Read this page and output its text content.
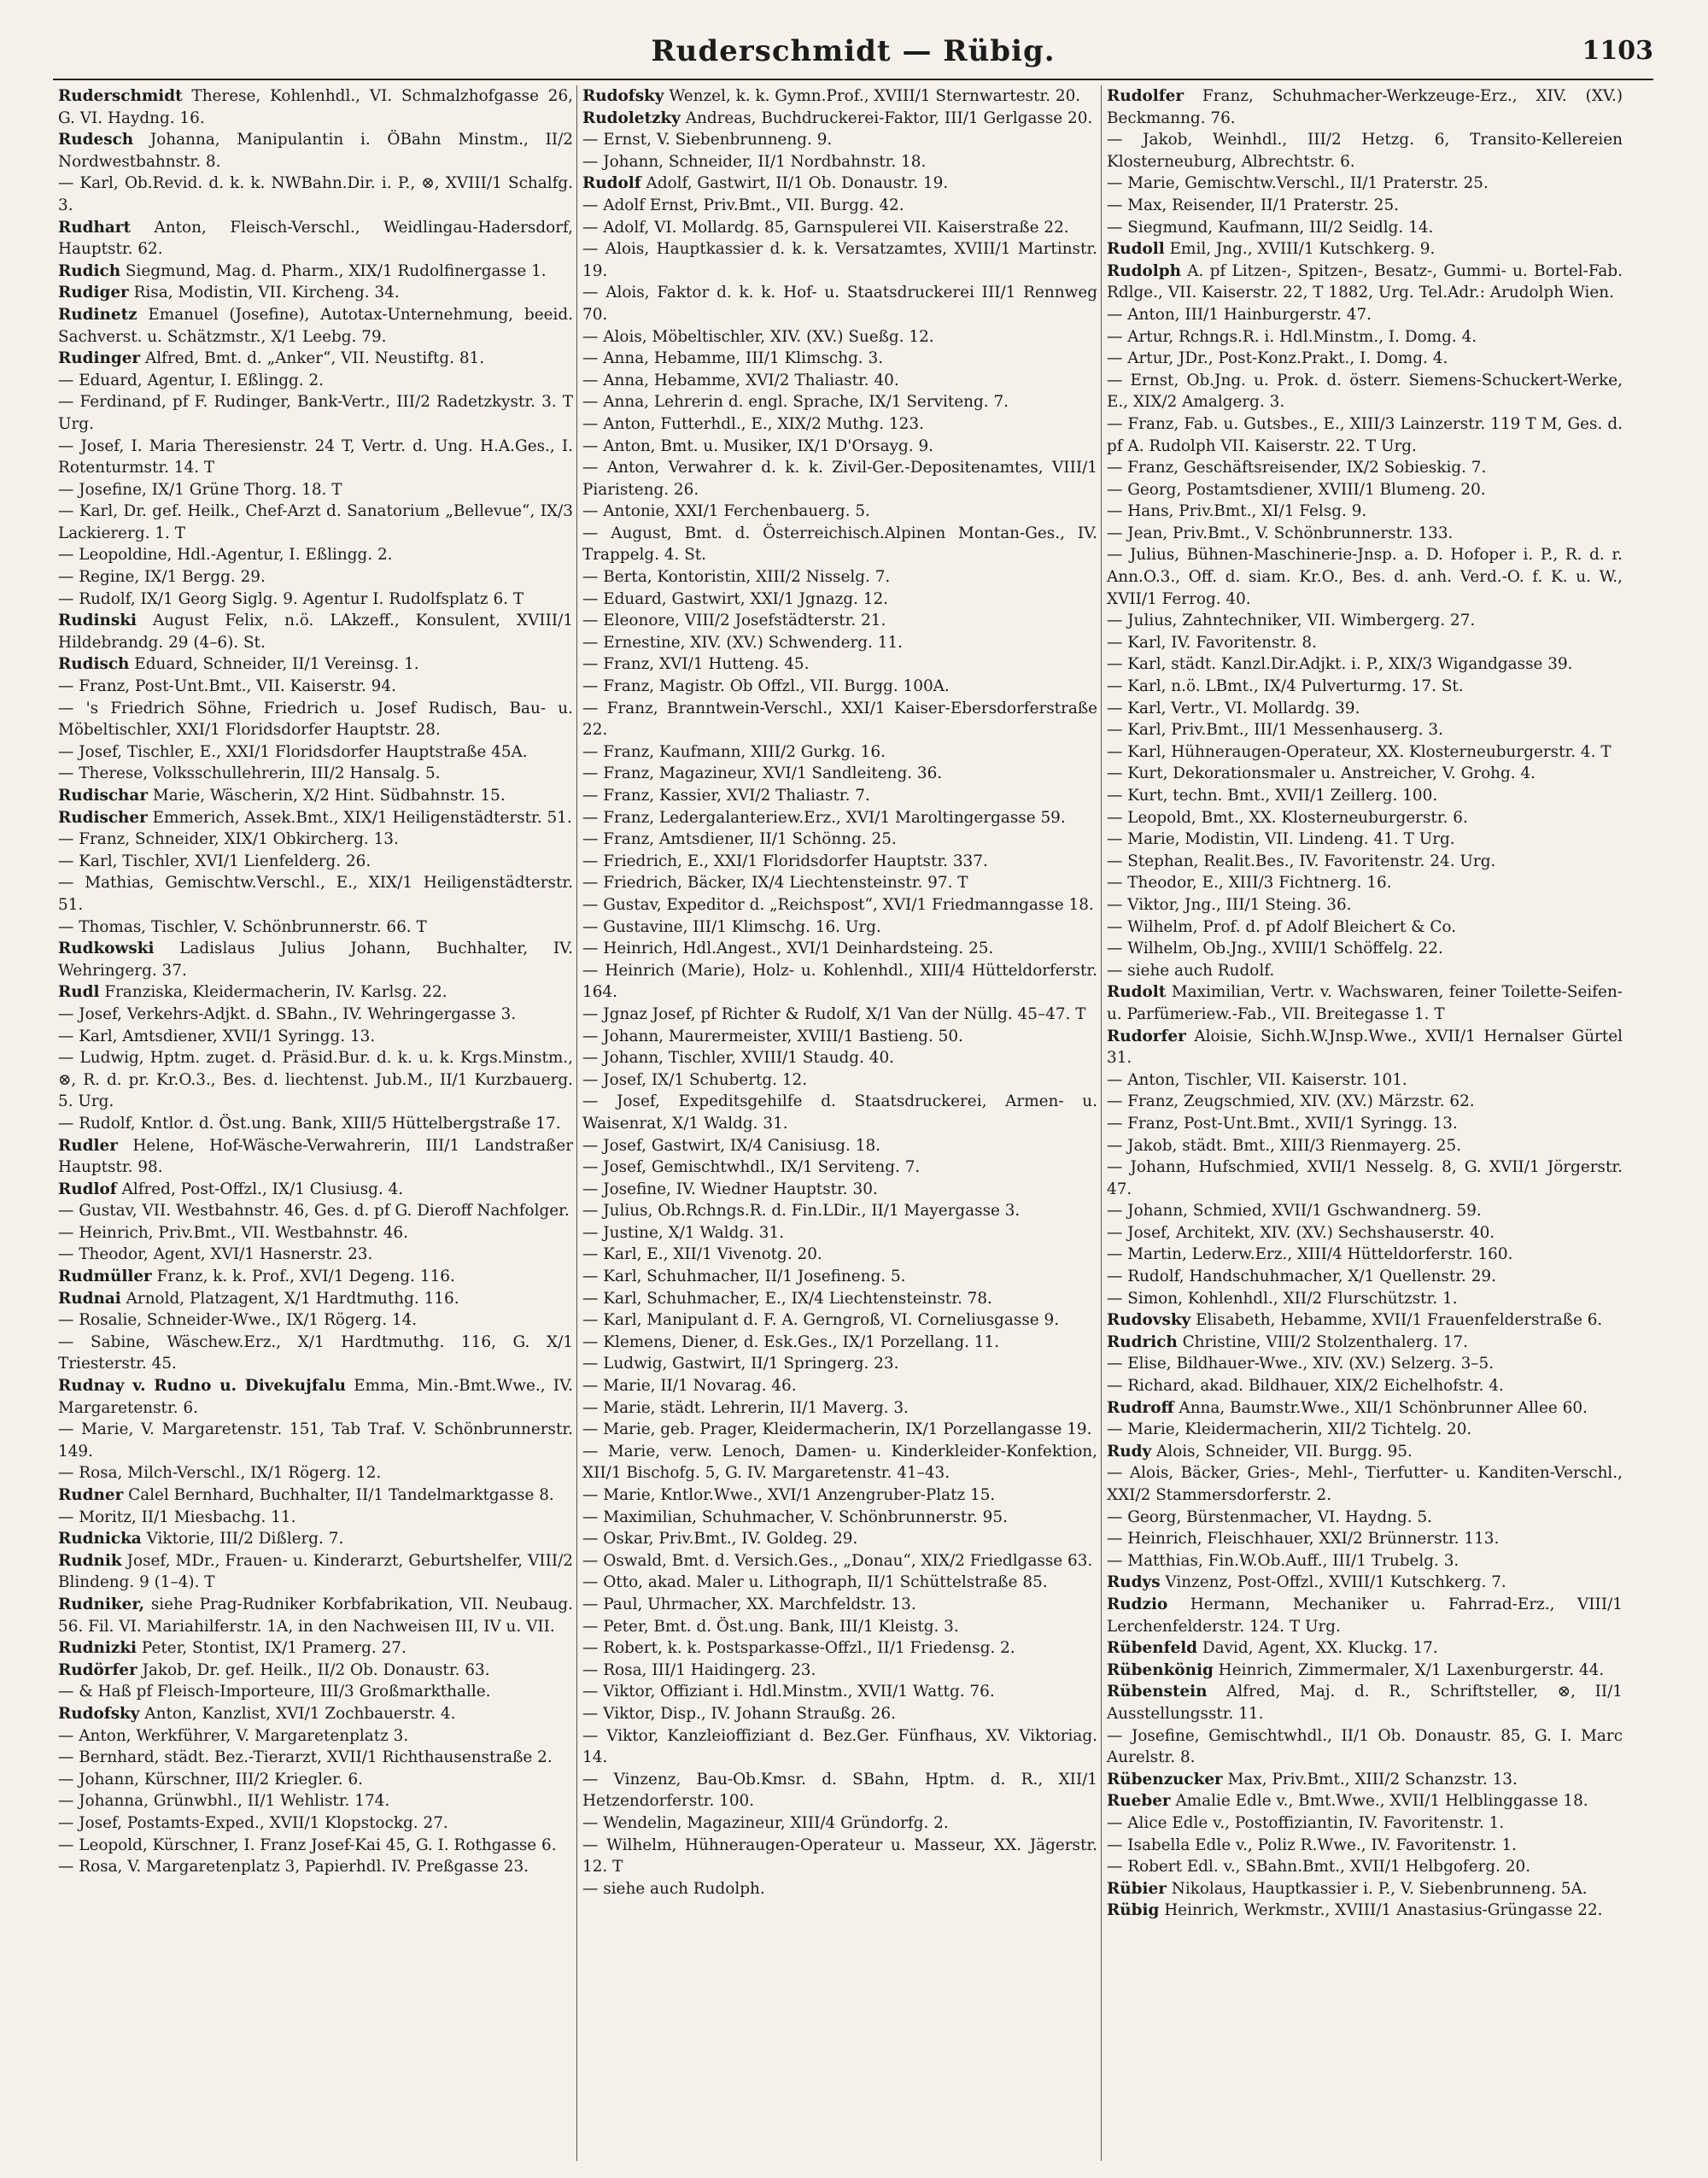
Ruderschmidt — Rübig.	1103

Ruderschmidt Therese, Kohlenhdl., VI. Schmalzhofgasse 26, G. VI. Haydng. 16.

Rudesch Johanna, Manipulantin i. ÖBahn Minstm., II/2 Nordwestbahnstr. 8.

— Karl, Ob.Revid. d. k. k. NWBahn.Dir. i. P., ⊗, XVIII/1 Schalfg. 3.

Rudhart Anton, Fleisch-Verschl., Weidlingau-Hadersdorf, Hauptstr. 62.

Rudich Siegmund, Mag. d. Pharm., XIX/1 Rudolfinergasse 1.

Rudiger Risa, Modistin, VII. Kircheng. 34.

Rudinetz Emanuel (Josefine), Autotax-Unternehmung, beeid. Sachverst. u. Schätzmstr., X/1 Leebg. 79.

Rudinger Alfred, Bmt. d. „Anker“, VII. Neustiftg. 81.

— Eduard, Agentur, I. Eßlingg. 2.

— Ferdinand, pf F. Rudinger, Bank-Vertr., III/2 Radetzkystr. 3. T Urg.

— Josef, I. Maria Theresienstr. 24 T, Vertr. d. Ung. H.A.Ges., I. Rotenturmstr. 14. T

— Josefine, IX/1 Grüne Thorg. 18. T

— Karl, Dr. gef. Heilk., Chef-Arzt d. Sanatorium „Bellevue“, IX/3 Lackiererg. 1. T

— Leopoldine, Hdl.-Agentur, I. Eßlingg. 2.

— Regine, IX/1 Bergg. 29.

— Rudolf, IX/1 Georg Siglg. 9. Agentur I. Rudolfsplatz 6. T

Rudinski August Felix, n.ö. LAkzeff., Konsulent, XVIII/1 Hildebrandg. 29 (4–6). St.

Rudisch Eduard, Schneider, II/1 Vereinsg. 1.

— Franz, Post-Unt.Bmt., VII. Kaiserstr. 94.

— 's Friedrich Söhne, Friedrich u. Josef Rudisch, Bau- u. Möbeltischler, XXI/1 Floridsdorfer Hauptstr. 28.

— Josef, Tischler, E., XXI/1 Floridsdorfer Hauptstraße 45A.

— Therese, Volksschullehrerin, III/2 Hansalg. 5.

Rudischar Marie, Wäscherin, X/2 Hint. Südbahnstr. 15.

Rudischer Emmerich, Assek.Bmt., XIX/1 Heiligenstädterstr. 51.

— Franz, Schneider, XIX/1 Obkircherg. 13.

— Karl, Tischler, XVI/1 Lienfelderg. 26.

— Mathias, Gemischtw.Verschl., E., XIX/1 Heiligenstädterstr. 51.

— Thomas, Tischler, V. Schönbrunnerstr. 66. T

Rudkowski Ladislaus Julius Johann, Buchhalter, IV. Wehringerg. 37.

Rudl Franziska, Kleidermacherin, IV. Karlsg. 22.

— Josef, Verkehrs-Adjkt. d. SBahn., IV. Wehringergasse 3.

— Karl, Amtsdiener, XVII/1 Syringg. 13.

— Ludwig, Hptm. zuget. d. Präsid.Bur. d. k. u. k. Krgs.Minstm., ⊗, R. d. pr. Kr.O.3., Bes. d. liechtenst. Jub.M., II/1 Kurzbauerg. 5. Urg.

— Rudolf, Kntlor. d. Öst.ung. Bank, XIII/5 Hüttelbergstraße 17.

Rudler Helene, Hof-Wäsche-Verwahrerin, III/1 Landstraßer Hauptstr. 98.

Rudlof Alfred, Post-Offzl., IX/1 Clusiusg. 4.

— Gustav, VII. Westbahnstr. 46, Ges. d. pf G. Dieroff Nachfolger.

— Heinrich, Priv.Bmt., VII. Westbahnstr. 46.

— Theodor, Agent, XVI/1 Hasnerstr. 23.

Rudmüller Franz, k. k. Prof., XVI/1 Degeng. 116.

Rudnai Arnold, Platzagent, X/1 Hardtmuthg. 116.

— Rosalie, Schneider-Wwe., IX/1 Rögerg. 14.

— Sabine, Wäschew.Erz., X/1 Hardtmuthg. 116, G. X/1 Triesterstr. 45.

Rudnay v. Rudno u. Divekujfalu Emma, Min.-Bmt.Wwe., IV. Margaretenstr. 6.

— Marie, V. Margaretenstr. 151, Tab Traf. V. Schönbrunnerstr. 149.

— Rosa, Milch-Verschl., IX/1 Rögerg. 12.

Rudner Calel Bernhard, Buchhalter, II/1 Tandelmarktgasse 8.

— Moritz, II/1 Miesbachg. 11.

Rudnicka Viktorie, III/2 Dißlerg. 7.

Rudnik Josef, MDr., Frauen- u. Kinderarzt, Geburtshelfer, VIII/2 Blindeng. 9 (1–4). T

Rudniker, siehe Prag-Rudniker Korbfabrikation, VII. Neubaug. 56. Fil. VI. Mariahilferstr. 1A, in den Nachweisen III, IV u. VII.

Rudnizki Peter, Stontist, IX/1 Pramerg. 27.

Rudörfer Jakob, Dr. gef. Heilk., II/2 Ob. Donaustr. 63.

— & Haß pf Fleisch-Importeure, III/3 Großmarkthalle.

Rudofsky Anton, Kanzlist, XVI/1 Zochbauerstr. 4.

— Anton, Werkführer, V. Margaretenplatz 3.

— Bernhard, städt. Bez.-Tierarzt, XVII/1 Richthausenstraße 2.

— Johann, Kürschner, III/2 Kriegler. 6.

— Johanna, Grünwbhl., II/1 Wehlistr. 174.

— Josef, Postamts-Exped., XVII/1 Klopstockg. 27.

— Leopold, Kürschner, I. Franz Josef-Kai 45, G. I. Rothgasse 6.

— Rosa, V. Margaretenplatz 3, Papierhdl. IV. Preßgasse 23.

Rudofsky Wenzel, k. k. Gymn.Prof., XVIII/1 Sternwartestr. 20.

Rudoletzky Andreas, Buchdruckerei-Faktor, III/1 Gerlgasse 20.

— Ernst, V. Siebenbrunneng. 9.

— Johann, Schneider, II/1 Nordbahnstr. 18.

Rudolf Adolf, Gastwirt, II/1 Ob. Donaustr. 19.

— Adolf Ernst, Priv.Bmt., VII. Burgg. 42.

— Adolf, VI. Mollardg. 85, Garnspulerei VII. Kaiserstraße 22.

— Alois, Hauptkassier d. k. k. Versatzamtes, XVIII/1 Martinstr. 19.

— Alois, Faktor d. k. k. Hof- u. Staatsdruckerei III/1 Rennweg 70.

— Alois, Möbeltischler, XIV. (XV.) Sueßg. 12.

— Anna, Hebamme, III/1 Klimschg. 3.

— Anna, Hebamme, XVI/2 Thaliastr. 40.

— Anna, Lehrerin d. engl. Sprache, IX/1 Serviteng. 7.

— Anton, Futterhdl., E., XIX/2 Muthg. 123.

— Anton, Bmt. u. Musiker, IX/1 D'Orsayg. 9.

— Anton, Verwahrer d. k. k. Zivil-Ger.-Depositenamtes, VIII/1 Piaristeng. 26.

— Antonie, XXI/1 Ferchenbauerg. 5.

— August, Bmt. d. Österreichisch.Alpinen Montan-Ges., IV. Trappelg. 4. St.

— Berta, Kontoristin, XIII/2 Nisselg. 7.

— Eduard, Gastwirt, XXI/1 Jgnazg. 12.

— Eleonore, VIII/2 Josefstädterstr. 21.

— Ernestine, XIV. (XV.) Schwenderg. 11.

— Franz, XVI/1 Hutteng. 45.

— Franz, Magistr. Ob Offzl., VII. Burgg. 100A.

— Franz, Branntwein-Verschl., XXI/1 Kaiser-Ebersdorferstraße 22.

— Franz, Kaufmann, XIII/2 Gurkg. 16.

— Franz, Magazineur, XVI/1 Sandleiteng. 36.

— Franz, Kassier, XVI/2 Thaliastr. 7.

— Franz, Ledergalanteriew.Erz., XVI/1 Maroltingergasse 59.

— Franz, Amtsdiener, II/1 Schönng. 25.

— Friedrich, E., XXI/1 Floridsdorfer Hauptstr. 337.

— Friedrich, Bäcker, IX/4 Liechtensteinstr. 97. T

— Gustav, Expeditor d. „Reichspost“, XVI/1 Friedmanngasse 18.

— Gustavine, III/1 Klimschg. 16. Urg.

— Heinrich, Hdl.Angest., XVI/1 Deinhardsteing. 25.

— Heinrich (Marie), Holz- u. Kohlenhdl., XIII/4 Hütteldorferstr. 164.

— Jgnaz Josef, pf Richter & Rudolf, X/1 Van der Nüllg. 45–47. T

— Johann, Maurermeister, XVIII/1 Bastieng. 50.

— Johann, Tischler, XVIII/1 Staudg. 40.

— Josef, IX/1 Schubertg. 12.

— Josef, Expeditsgehilfe d. Staatsdruckerei, Armen- u. Waisenrat, X/1 Waldg. 31.

— Josef, Gastwirt, IX/4 Canisiusg. 18.

— Josef, Gemischtwhdl., IX/1 Serviteng. 7.

— Josefine, IV. Wiedner Hauptstr. 30.

— Julius, Ob.Rchngs.R. d. Fin.LDir., II/1 Mayergasse 3.

— Justine, X/1 Waldg. 31.

— Karl, E., XII/1 Vivenotg. 20.

— Karl, Schuhmacher, II/1 Josefineng. 5.

— Karl, Schuhmacher, E., IX/4 Liechtensteinstr. 78.

— Karl, Manipulant d. F. A. Gerngroß, VI. Corneliusgasse 9.

— Klemens, Diener, d. Esk.Ges., IX/1 Porzellang. 11.

— Ludwig, Gastwirt, II/1 Springerg. 23.

— Marie, II/1 Novarag. 46.

— Marie, städt. Lehrerin, II/1 Maverg. 3.

— Marie, geb. Prager, Kleidermacherin, IX/1 Porzellangasse 19.

— Marie, verw. Lenoch, Damen- u. Kinderkleider-Konfektion, XII/1 Bischofg. 5, G. IV. Margaretenstr. 41–43.

— Marie, Kntlor.Wwe., XVI/1 Anzengruber-Platz 15.

— Maximilian, Schuhmacher, V. Schönbrunnerstr. 95.

— Oskar, Priv.Bmt., IV. Goldeg. 29.

— Oswald, Bmt. d. Versich.Ges., „Donau“, XIX/2 Friedlgasse 63.

— Otto, akad. Maler u. Lithograph, II/1 Schüttelstraße 85.

— Paul, Uhrmacher, XX. Marchfeldstr. 13.

— Peter, Bmt. d. Öst.ung. Bank, III/1 Kleistg. 3.

— Robert, k. k. Postsparkasse-Offzl., II/1 Friedensg. 2.

— Rosa, III/1 Haidingerg. 23.

— Viktor, Offiziant i. Hdl.Minstm., XVII/1 Wattg. 76.

— Viktor, Disp., IV. Johann Straußg. 26.

— Viktor, Kanzleioffiziant d. Bez.Ger. Fünfhaus, XV. Viktoriag. 14.

— Vinzenz, Bau-Ob.Kmsr. d. SBahn, Hptm. d. R., XII/1 Hetzendorferstr. 100.

— Wendelin, Magazineur, XIII/4 Gründorfg. 2.

— Wilhelm, Hühneraugen-Operateur u. Masseur, XX. Jägerstr. 12. T

— siehe auch Rudolph.

Rudolfer Franz, Schuhmacher-Werkzeuge-Erz., XIV. (XV.) Beckmanng. 76.

— Jakob, Weinhdl., III/2 Hetzg. 6, Transito-Kellereien Klosterneuburg, Albrechtstr. 6.

— Marie, Gemischtw.Verschl., II/1 Praterstr. 25.

— Max, Reisender, II/1 Praterstr. 25.

— Siegmund, Kaufmann, III/2 Seidlg. 14.

Rudoll Emil, Jng., XVIII/1 Kutschkerg. 9.

Rudolph A. pf Litzen-, Spitzen-, Besatz-, Gummi- u. Bortel-Fab. Rdlge., VII. Kaiserstr. 22, T 1882, Urg. Tel.Adr.: Arudolph Wien.

— Anton, III/1 Hainburgerstr. 47.

— Artur, Rchngs.R. i. Hdl.Minstm., I. Domg. 4.

— Artur, JDr., Post-Konz.Prakt., I. Domg. 4.

— Ernst, Ob.Jng. u. Prok. d. österr. Siemens-Schuckert-Werke, E., XIX/2 Amalgerg. 3.

— Franz, Fab. u. Gutsbes., E., XIII/3 Lainzerstr. 119 T M, Ges. d. pf A. Rudolph VII. Kaiserstr. 22. T Urg.

— Franz, Geschäftsreisender, IX/2 Sobieskig. 7.

— Georg, Postamtsdiener, XVIII/1 Blumeng. 20.

— Hans, Priv.Bmt., XI/1 Felsg. 9.

— Jean, Priv.Bmt., V. Schönbrunnerstr. 133.

— Julius, Bühnen-Maschinerie-Jnsp. a. D. Hofoper i. P., R. d. r. Ann.O.3., Off. d. siam. Kr.O., Bes. d. anh. Verd.-O. f. K. u. W., XVII/1 Ferrog. 40.

— Julius, Zahntechniker, VII. Wimbergerg. 27.

— Karl, IV. Favoritenstr. 8.

— Karl, städt. Kanzl.Dir.Adjkt. i. P., XIX/3 Wigandgasse 39.

— Karl, n.ö. LBmt., IX/4 Pulverturmg. 17. St.

— Karl, Vertr., VI. Mollardg. 39.

— Karl, Priv.Bmt., III/1 Messenhauserg. 3.

— Karl, Hühneraugen-Operateur, XX. Klosterneuburgerstr. 4. T

— Kurt, Dekorationsmaler u. Anstreicher, V. Grohg. 4.

— Kurt, techn. Bmt., XVII/1 Zeillerg. 100.

— Leopold, Bmt., XX. Klosterneuburgerstr. 6.

— Marie, Modistin, VII. Lindeng. 41. T Urg.

— Stephan, Realit.Bes., IV. Favoritenstr. 24. Urg.

— Theodor, E., XIII/3 Fichtnerg. 16.

— Viktor, Jng., III/1 Steing. 36.

— Wilhelm, Prof. d. pf Adolf Bleichert & Co.

— Wilhelm, Ob.Jng., XVIII/1 Schöffelg. 22.

— siehe auch Rudolf.

Rudolt Maximilian, Vertr. v. Wachswaren, feiner Toilette-Seifen- u. Parfümeriew.-Fab., VII. Breitegasse 1. T

Rudorfer Aloisie, Sichh.W.Jnsp.Wwe., XVII/1 Hernalser Gürtel 31.

— Anton, Tischler, VII. Kaiserstr. 101.

— Franz, Zeugschmied, XIV. (XV.) Märzstr. 62.

— Franz, Post-Unt.Bmt., XVII/1 Syringg. 13.

— Jakob, städt. Bmt., XIII/3 Rienmayerg. 25.

— Johann, Hufschmied, XVII/1 Nesselg. 8, G. XVII/1 Jörgerstr. 47.

— Johann, Schmied, XVII/1 Gschwandnerg. 59.

— Josef, Architekt, XIV. (XV.) Sechshauserstr. 40.

— Martin, Lederw.Erz., XIII/4 Hütteldorferstr. 160.

— Rudolf, Handschuhmacher, X/1 Quellenstr. 29.

— Simon, Kohlenhdl., XII/2 Flurschützstr. 1.

Rudovsky Elisabeth, Hebamme, XVII/1 Frauenfelderstraße 6.

Rudrich Christine, VIII/2 Stolzenthalerg. 17.

— Elise, Bildhauer-Wwe., XIV. (XV.) Selzerg. 3–5.

— Richard, akad. Bildhauer, XIX/2 Eichelhofstr. 4.

Rudroff Anna, Baumstr.Wwe., XII/1 Schönbrunner Allee 60.

— Marie, Kleidermacherin, XII/2 Tichtelg. 20.

Rudy Alois, Schneider, VII. Burgg. 95.

— Alois, Bäcker, Gries-, Mehl-, Tierfutter- u. Kanditen-Verschl., XXI/2 Stammersdorferstr. 2.

— Georg, Bürstenmacher, VI. Haydng. 5.

— Heinrich, Fleischhauer, XXI/2 Brünnerstr. 113.

— Matthias, Fin.W.Ob.Auff., III/1 Trubelg. 3.

Rudys Vinzenz, Post-Offzl., XVIII/1 Kutschkerg. 7.

Rudzio Hermann, Mechaniker u. Fahrrad-Erz., VIII/1 Lerchenfelderstr. 124. T Urg.

Rübenfeld David, Agent, XX. Kluckg. 17.

Rübenkönig Heinrich, Zimmermaler, X/1 Laxenburgerstr. 44.

Rübenstein Alfred, Maj. d. R., Schriftsteller, ⊗, II/1 Ausstellungsstr. 11.

— Josefine, Gemischtwhdl., II/1 Ob. Donaustr. 85, G. I. Marc Aurelstr. 8.

Rübenzucker Max, Priv.Bmt., XIII/2 Schanzstr. 13.

Rueber Amalie Edle v., Bmt.Wwe., XVII/1 Helblinggasse 18.

— Alice Edle v., Postoffiziantin, IV. Favoritenstr. 1.

— Isabella Edle v., Poliz R.Wwe., IV. Favoritenstr. 1.

— Robert Edl. v., SBahn.Bmt., XVII/1 Helbgoferg. 20.

Rübier Nikolaus, Hauptkassier i. P., V. Siebenbrunneng. 5A.

Rübig Heinrich, Werkmstr., XVIII/1 Anastasius-Grüngasse 22.
